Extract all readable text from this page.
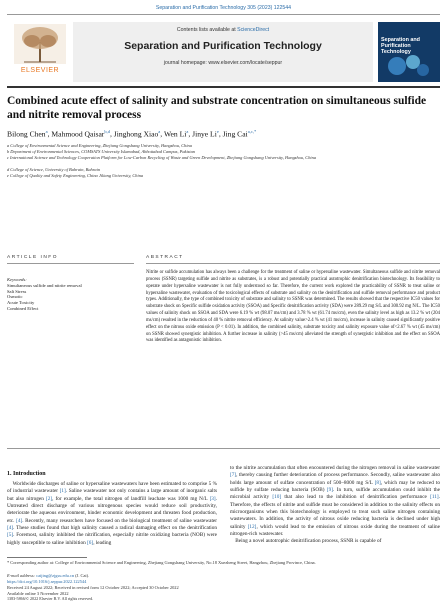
Separation and Purification Technology 305 (2023) 122544
ELSEVIER
Contents lists available at ScienceDirect
Separation and Purification Technology
journal homepage: www.elsevier.com/locate/seppur
Separation and Purification Technology
Combined acute effect of salinity and substrate concentration on simultaneous sulfide and nitrite removal process
Bilong Chen$^a$, Mahmood Qaisar$^{b,d}$, Jinghong Xiao$^a$, Wen Li$^a$, Jinye Li$^e$, Jing Cai$^{a,c,*}$
a College of Environmental Science and Engineering, Zhejiang Gongshang University, Hangzhou, China
b Department of Environmental Sciences, COMSATS University Islamabad, Abbottabad Campus, Pakistan
c International Science and Technology Cooperation Platform for Low-Carbon Recycling of Waste and Green Development, Zhejiang Gongshang University, Hangzhou, China
d College of Science, University of Bahrain, Bahrain
e College of Quality and Safety Engineering, China Jiliang University, China
ARTICLE INFO	ABSTRACT
Keywords:
Simultaneous sulfide and nitrite removal
Salt Stress
Osmotic
Acute Toxicity
Combined Effect
Nitrite or sulfide accumulation has always been a challenge for the treatment of saline or hypersaline wastewater. Simultaneous sulfide and nitrite removal process (SSNR) targeting sulfide and nitrite as substrates, is a robust and potentially practical autotrophic denitrification biotechnology. Its feasibility to operate under hypersaline wastewater is not fully understood so far. Therefore, the current work explored the practicability of SSNR to treat saline or hypersaline wastewater, evaluation of the toxicological effects of substrate and salinity on the denitrification and sulfide removal performance and product types. Additionally, the type of combined toxicity of substrate and salinity to SSNR was determined. The results showed that the respective IC50 values for substrate shock on Specific sulfide oxidation activity (SSOA) and Specific denitrification activity (SDA) were 289.29 mg S/L and 300.92 mg N/L. The IC50 values of salinity shock on SSOA and SDA were 6.19 % wt (98.07 ms/cm) and 3.78 % wt (61.74 ms/cm), even the salinity level as high as 13.2 % wt (204 ms/cm) resulted in the reduction of 40 % nitrite removal efficiency. At salinity value>2.4 % wt (41 ms/cm), increase in salinity caused significantly positive effect on the nitrous oxide emission (P < 0.01). In addition, the combined salinity, substrate toxicity and salinity exposure value of<2.67 % wt (45 ms/cm) on SSNR showed synergistic inhibition. A further increase in salinity (>45 ms/cm) alleviated the strength of synergistic inhibition and the effect on SSOA was identified as antagonistic inhibition.
1. Introduction
Worldwide discharges of saline or hypersaline wastewaters have been estimated to comprise 5 % of industrial wastewater [1]. Saline wastewater not only contains a large amount of inorganic salts but also nitrogen [2], for example, the total nitrogen of landfill leachate was 1000 mg N/L [3]. Untreated direct discharge of various nitrogenous species would reduce soil productivity, deteriorate the aqueous environment, hinder economic development and threaten food production, etc. [4]. Recently, many researchers have focused on the biological treatment of saline wastewater [4]. These studies found that high salinity caused a radical damaging effect on the denitrification [5]. Foremost, salinity inhibited the nitrification, especially nitrite oxidizing bacteria (NOB) were highly susceptible to saline inhibition [6], leading
to the nitrite accumulation that often encountered during the nitrogen removal in saline wastewater [7], thereby causing further deterioration of process performance. Secondly, saline wastewater also holds large amount of sulfate concentration of 500–8000 mg S/L [8], which may be reduced to sulfide by sulfate reducing bacteria (SOB) [9]. In turn, sulfide accumulation could inhibit the microbial activity [10] that also lead to the inhibition of denitrification performance [11]. Therefore, the effects of nitrite and sulfide must be considered in addition to the salinity effects on microorganisms when this biotechnology is employed to treat such saline nitrogen containing wastewaters. In addition, the activity of nitrous oxide reducing bacteria is declined under high salinity [12], which would lead to the emission of nitrous oxide during the treatment of saline nitrogen-rich wastewater.
Being a novel autotrophic denitrification process, SSNR is capable of
* Corresponding author at: College of Environmental Science and Engineering, Zhejiang Gongshang University, No.18 Xuezheng Street, Hangzhou, Zhejiang Province, China.
E-mail address: caijing@zjgsu.edu.cn (J. Cai).
https://doi.org/10.1016/j.seppur.2022.122544
Received 24 August 2022; Received in revised form 12 October 2022; Accepted 30 October 2022
Available online 3 November 2022
1383-5866/© 2022 Elsevier B.V. All rights reserved.
